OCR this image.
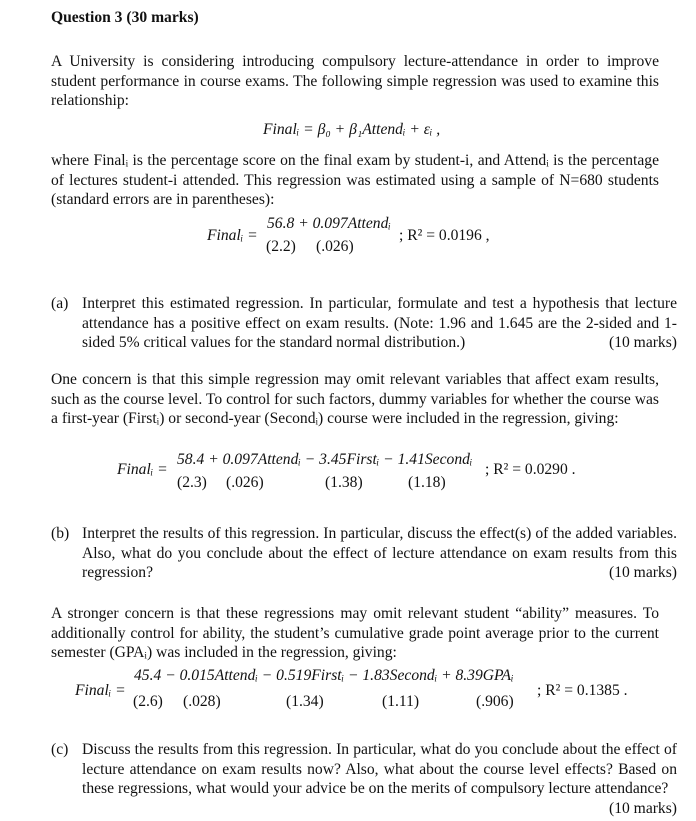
Question 3 (30 marks)
A University is considering introducing compulsory lecture-attendance in order to improve student performance in course exams. The following simple regression was used to examine this relationship:
Finalᵢ = β₀ + β₁Attendᵢ + εᵢ ,
where Finalᵢ is the percentage score on the final exam by student-i, and Attendᵢ is the percentage of lectures student-i attended. This regression was estimated using a sample of N=680 students (standard errors are in parentheses):
Finalᵢ =
56.8 + 0.097Attendᵢ
(2.2) (.026)
; R² = 0.0196 ,
(a) Interpret this estimated regression. In particular, formulate and test a hypothesis that lecture attendance has a positive effect on exam results. (Note: 1.96 and 1.645 are the 2-sided and 1-sided 5% critical values for the standard normal distribution.)	(10 marks)
One concern is that this simple regression may omit relevant variables that affect exam results, such as the course level. To control for such factors, dummy variables for whether the course was a first-year (Firstᵢ) or second-year (Secondᵢ) course were included in the regression, giving:
Finalᵢ =
58.4 + 0.097Attendᵢ − 3.45Firstᵢ − 1.41Secondᵢ
(2.3) (.026)	(1.38)	(1.18)
; R² = 0.0290 .
(b) Interpret the results of this regression. In particular, discuss the effect(s) of the added variables. Also, what do you conclude about the effect of lecture attendance on exam results from this regression?	(10 marks)
A stronger concern is that these regressions may omit relevant student “ability” measures. To additionally control for ability, the student’s cumulative grade point average prior to the current semester (GPAᵢ) was included in the regression, giving:
Finalᵢ =
45.4 − 0.015Attendᵢ − 0.519Firstᵢ − 1.83Secondᵢ + 8.39GPAᵢ
(2.6) (.028)	(1.34)	(1.11)	(.906)
; R² = 0.1385 .
(c) Discuss the results from this regression. In particular, what do you conclude about the effect of lecture attendance on exam results now? Also, what about the course level effects? Based on these regressions, what would your advice be on the merits of compulsory lecture attendance?
(10 marks)
